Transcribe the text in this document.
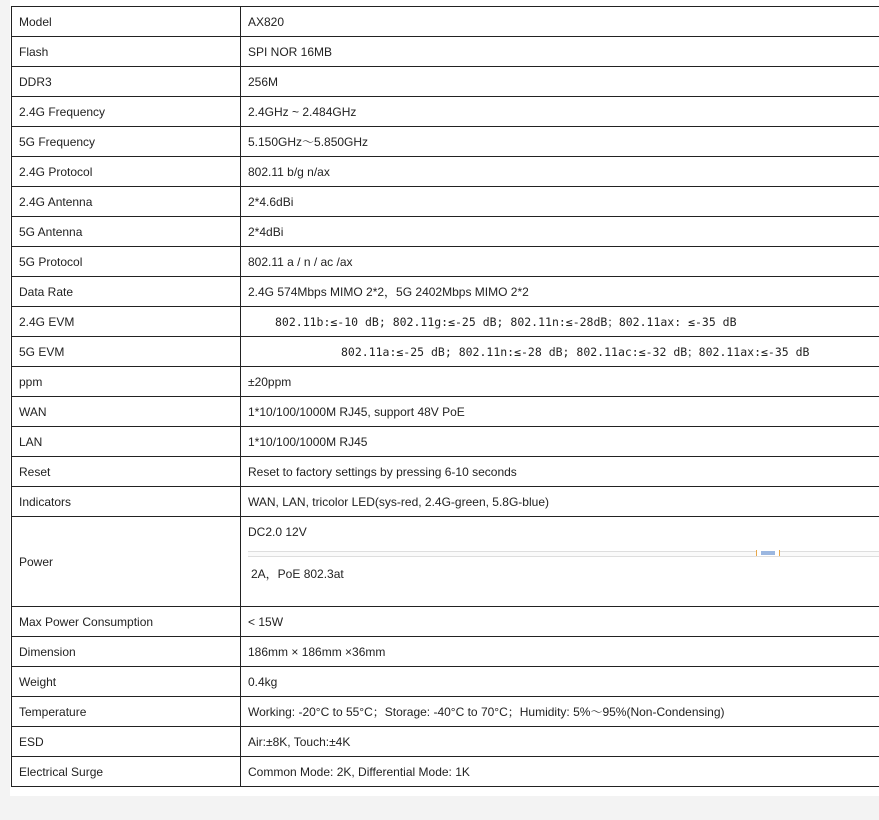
Model	AX820
Flash	SPI NOR 16MB
DDR3	256M
2.4G Frequency	2.4GHz ~ 2.484GHz
5G Frequency	5.150GHz～5.850GHz
2.4G Protocol	802.11 b/g n/ax
2.4G Antenna	2*4.6dBi
5G Antenna	2*4dBi
5G Protocol	802.11 a / n / ac /ax
Data Rate	2.4G 574Mbps MIMO 2*2，5G 2402Mbps MIMO 2*2
2.4G EVM	802.11b:≤-10 dB; 802.11g:≤-25 dB; 802.11n:≤-28dB；802.11ax: ≤-35 dB
5G EVM	802.11a:≤-25 dB; 802.11n:≤-28 dB; 802.11ac:≤-32 dB；802.11ax:≤-35 dB
ppm	±20ppm
WAN	1*10/100/1000M RJ45, support 48V PoE
LAN	1*10/100/1000M RJ45
Reset	Reset to factory settings by pressing 6-10 seconds
Indicators	WAN, LAN, tricolor LED(sys-red, 2.4G-green, 5.8G-blue)
Power	DC2.0 12V
2A，PoE 802.3at

Max Power Consumption	< 15W
Dimension	186mm × 186mm ×36mm
Weight	0.4kg
Temperature	Working: -20°C to 55°C；Storage: -40°C to 70°C；Humidity: 5%～95%(Non-Condensing)
ESD	Air:±8K, Touch:±4K
Electrical Surge	Common Mode: 2K, Differential Mode: 1K
